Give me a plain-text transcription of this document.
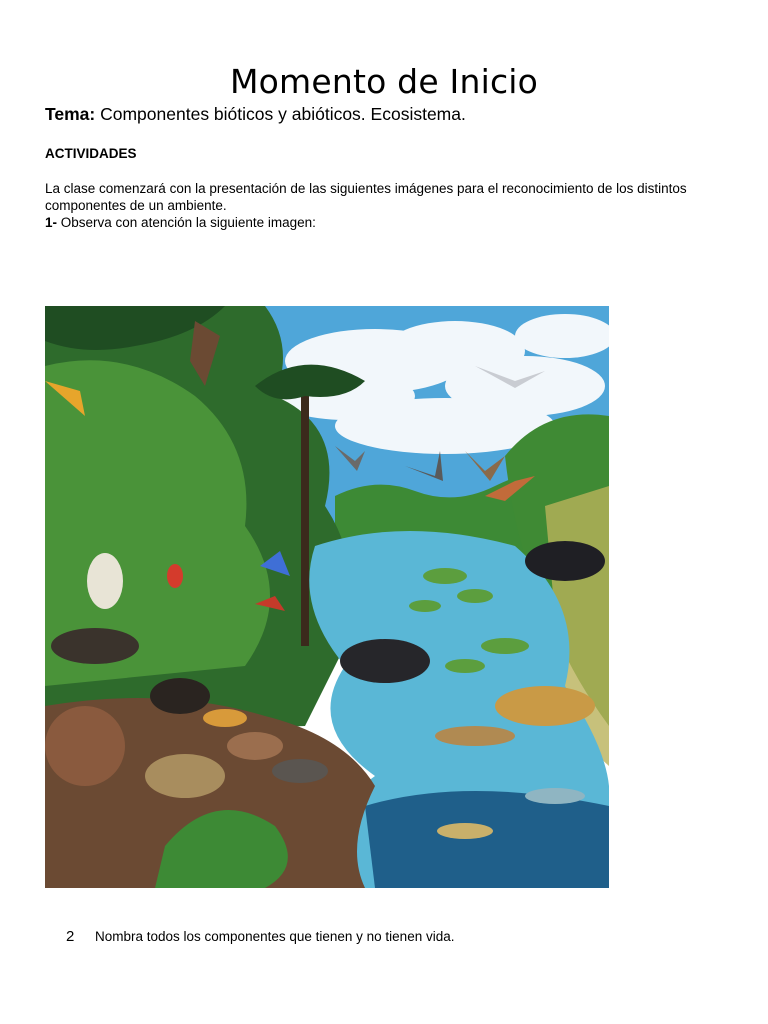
Momento de Inicio

Tema: Componentes bióticos y abióticos. Ecosistema.

ACTIVIDADES

La clase comenzará con la presentación de las siguientes imágenes para el reconocimiento de los distintos componentes de un ambiente.

1- Observa con atención la siguiente imagen:

2	Nombra todos los componentes que tienen y no tienen vida.
